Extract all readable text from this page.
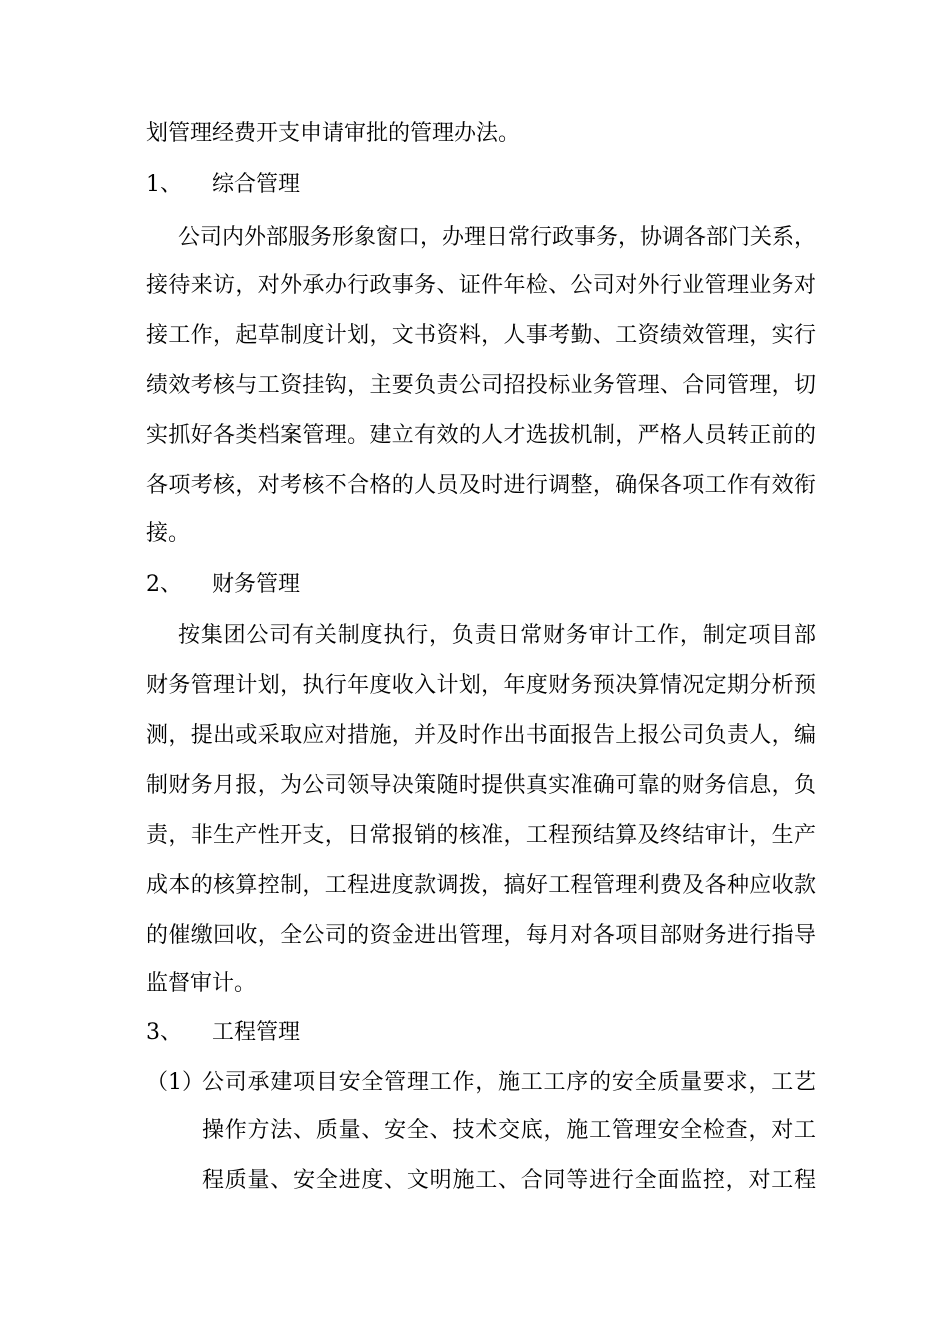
划管理经费开支申请审批的管理办法。
1、 综合管理
公司内外部服务形象窗口，办理日常行政事务，协调各部门关系，
接待来访，对外承办行政事务、证件年检、公司对外行业管理业务对
接工作，起草制度计划，文书资料，人事考勤、工资绩效管理，实行
绩效考核与工资挂钩，主要负责公司招投标业务管理、合同管理，切
实抓好各类档案管理。建立有效的人才选拔机制，严格人员转正前的
各项考核，对考核不合格的人员及时进行调整，确保各项工作有效衔
接。
2、 财务管理
按集团公司有关制度执行，负责日常财务审计工作，制定项目部
财务管理计划，执行年度收入计划，年度财务预决算情况定期分析预
测，提出或采取应对措施，并及时作出书面报告上报公司负责人，编
制财务月报，为公司领导决策随时提供真实准确可靠的财务信息，负
责，非生产性开支，日常报销的核准，工程预结算及终结审计，生产
成本的核算控制，工程进度款调拨，搞好工程管理利费及各种应收款
的催缴回收，全公司的资金进出管理，每月对各项目部财务进行指导
监督审计。
3、 工程管理
（1）
公司承建项目安全管理工作，施工工序的安全质量要求，工艺
操作方法、质量、安全、技术交底，施工管理安全检查，对工
程质量、安全进度、文明施工、合同等进行全面监控，对工程
